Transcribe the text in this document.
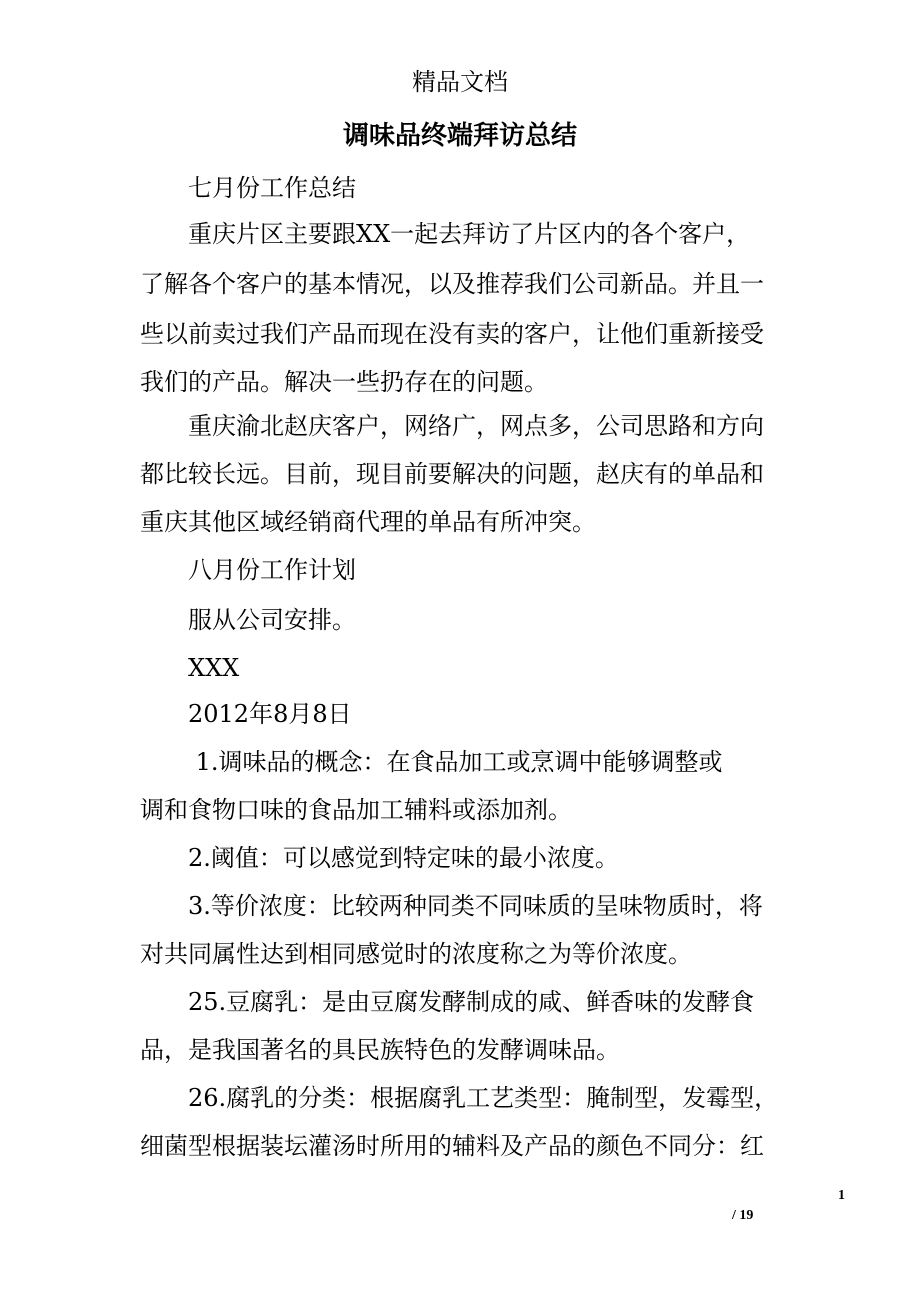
精品文档
调味品终端拜访总结
　　七月份工作总结
　　重庆片区主要跟XX一起去拜访了片区内的各个客户，
了解各个客户的基本情况，以及推荐我们公司新品。并且一
些以前卖过我们产品而现在没有卖的客户，让他们重新接受
我们的产品。解决一些扔存在的问题。
　　重庆渝北赵庆客户，网络广，网点多，公司思路和方向
都比较长远。目前，现目前要解决的问题，赵庆有的单品和
重庆其他区域经销商代理的单品有所冲突。
　　八月份工作计划
　　服从公司安排。
　　XXX
　　2012年8月8日
　　 1.调味品的概念：在食品加工或烹调中能够调整或
调和食物口味的食品加工辅料或添加剂。
　　2.阈值：可以感觉到特定味的最小浓度。
　　3.等价浓度：比较两种同类不同味质的呈味物质时，将
对共同属性达到相同感觉时的浓度称之为等价浓度。
　　25.豆腐乳：是由豆腐发酵制成的咸、鲜香味的发酵食
品，是我国著名的具民族特色的发酵调味品。
　　26.腐乳的分类：根据腐乳工艺类型：腌制型，发霉型，
细菌型根据装坛灌汤时所用的辅料及产品的颜色不同分：红
1
/ 19
